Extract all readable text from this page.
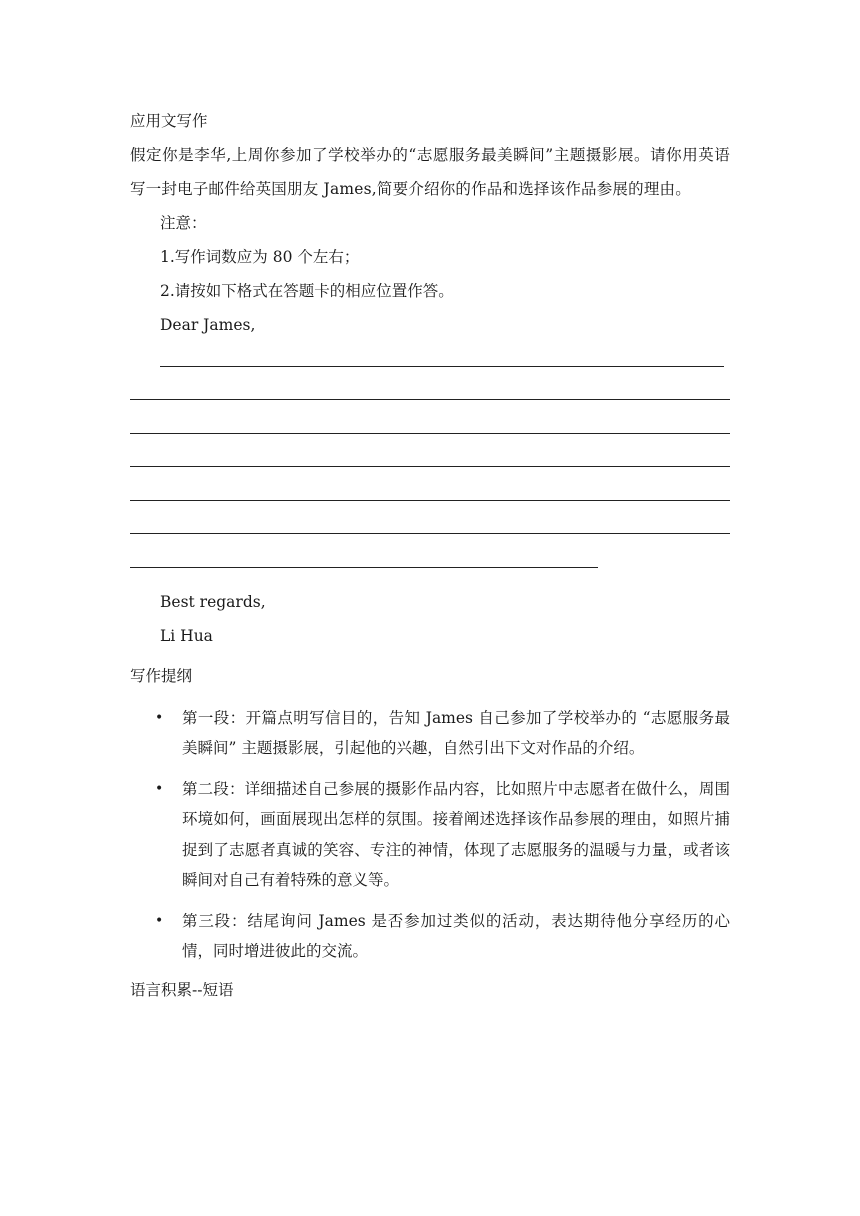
应用文写作
假定你是李华,上周你参加了学校举办的“志愿服务最美瞬间”主题摄影展。请你用英语写一封电子邮件给英国朋友 James,简要介绍你的作品和选择该作品参展的理由。
注意：
1.写作词数应为 80 个左右；
2.请按如下格式在答题卡的相应位置作答。
Dear James,
Best regards,
Li Hua
写作提纲
• 第一段：开篇点明写信目的，告知 James 自己参加了学校举办的 “志愿服务最美瞬间” 主题摄影展，引起他的兴趣，自然引出下文对作品的介绍。
• 第二段：详细描述自己参展的摄影作品内容，比如照片中志愿者在做什么，周围环境如何，画面展现出怎样的氛围。接着阐述选择该作品参展的理由，如照片捕捉到了志愿者真诚的笑容、专注的神情，体现了志愿服务的温暖与力量，或者该瞬间对自己有着特殊的意义等。
• 第三段：结尾询问 James 是否参加过类似的活动，表达期待他分享经历的心情，同时增进彼此的交流。
语言积累--短语
